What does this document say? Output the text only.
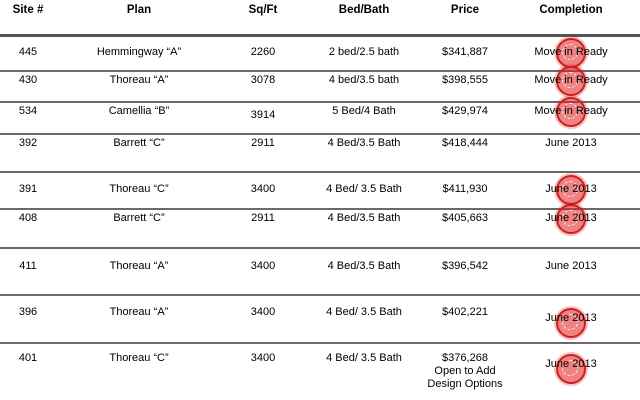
Site #	Plan	Sq/Ft	Bed/Bath	Price	Completion
445	Hemmingway “A”	2260	2 bed/2.5 bath	$341,887	Move in Ready
430	Thoreau “A”	3078	4 bed/3.5 bath	$398,555	Move in Ready
534	Camellia “B”	3914	5 Bed/4 Bath	$429,974	Move in Ready
392	Barrett “C”	2911	4 Bed/3.5 Bath	$418,444	June 2013
391	Thoreau “C”	3400	4 Bed/ 3.5 Bath	$411,930	June 2013
408	Barrett “C”	2911	4 Bed/3.5 Bath	$405,663	June 2013
411	Thoreau “A”	3400	4 Bed/3.5 Bath	$396,542	June 2013
396	Thoreau “A”	3400	4 Bed/ 3.5 Bath	$402,221	June 2013
401	Thoreau “C”	3400	4 Bed/ 3.5 Bath	$376,268	June 2013
Open to Add
Design Options
